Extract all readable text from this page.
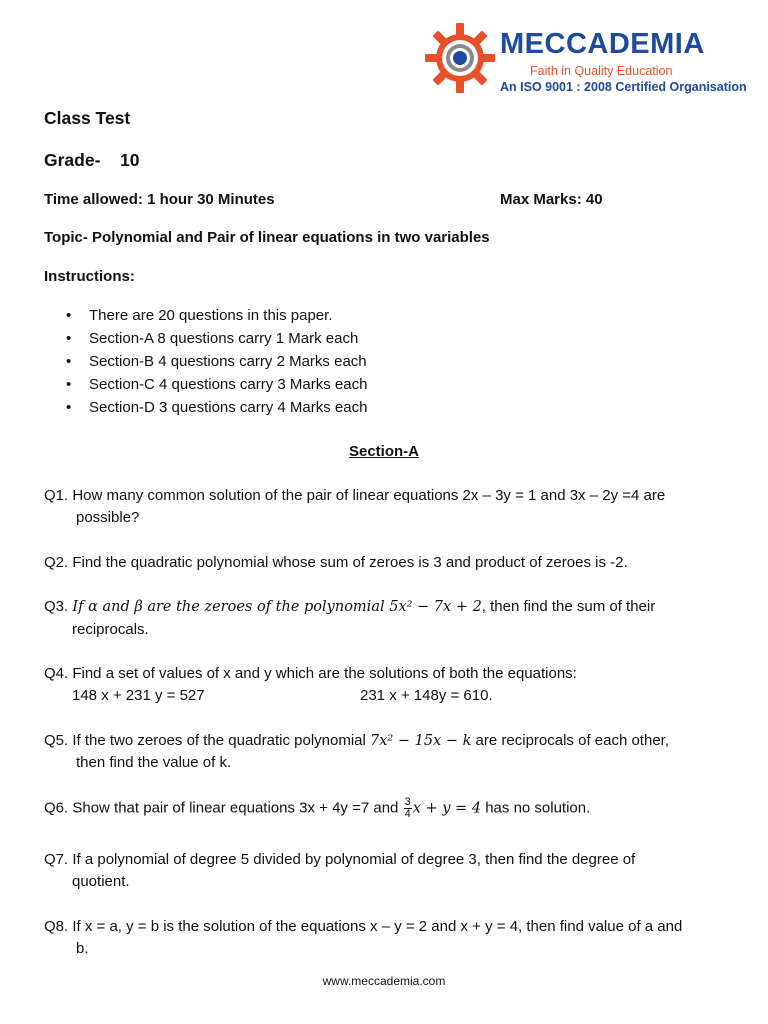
MECCADEMIA
Faith in Quality Education
An ISO 9001 : 2008 Certified Organisation
Class Test
Grade- 10
Time allowed: 1 hour 30 Minutes	Max Marks: 40
Topic- Polynomial and Pair of linear equations in two variables
Instructions:
• There are 20 questions in this paper.
• Section-A 8 questions carry 1 Mark each
• Section-B 4 questions carry 2 Marks each
• Section-C 4 questions carry 3 Marks each
• Section-D 3 questions carry 4 Marks each
Section-A
Q1. How many common solution of the pair of linear equations 2x – 3y = 1 and 3x – 2y =4 are
possible?
Q2. Find the quadratic polynomial whose sum of zeroes is 3 and product of zeroes is -2.
Q3. If α and β are the zeroes of the polynomial 5x² − 7x + 2, then find the sum of their
reciprocals.
Q4. Find a set of values of x and y which are the solutions of both the equations:
148 x + 231 y = 527	231 x + 148y = 610.
Q5. If the two zeroes of the quadratic polynomial 7x² − 15x − k are reciprocals of each other,
then find the value of k.
Q6. Show that pair of linear equations 3x + 4y =7 and $\frac{3}{4}$ x + y = 4 has no solution.
Q7. If a polynomial of degree 5 divided by polynomial of degree 3, then find the degree of
quotient.
Q8. If x = a, y = b is the solution of the equations x – y = 2 and x + y = 4, then find value of a and
b.
www.meccademia.com
